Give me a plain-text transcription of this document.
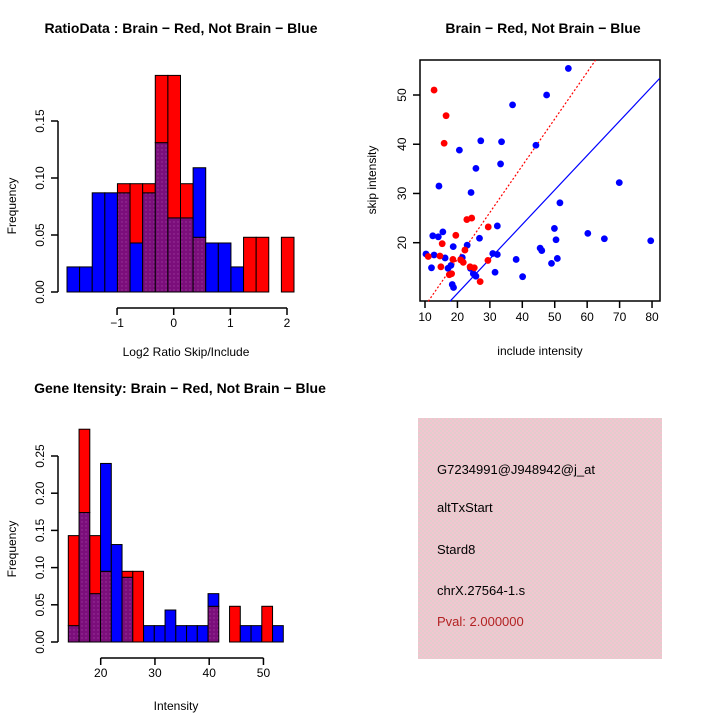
RatioData : Brain − Red, Not Brain − Blue
0.00
0.05
0.10
0.15
Frequency
−1	0	1	2
Log2 Ratio Skip/Include
Brain − Red, Not Brain − Blue
10 20 30 40 50 60 70 80
include intensity
20
30
40
50
skip intensity
Gene Itensity: Brain − Red, Not Brain − Blue
0.00
0.05
0.10
0.15
0.20
0.25
Frequency
20	30	40	50
Intensity
G7234991@J948942@j_at
altTxStart
Stard8
chrX.27564-1.s
Pval: 2.000000
